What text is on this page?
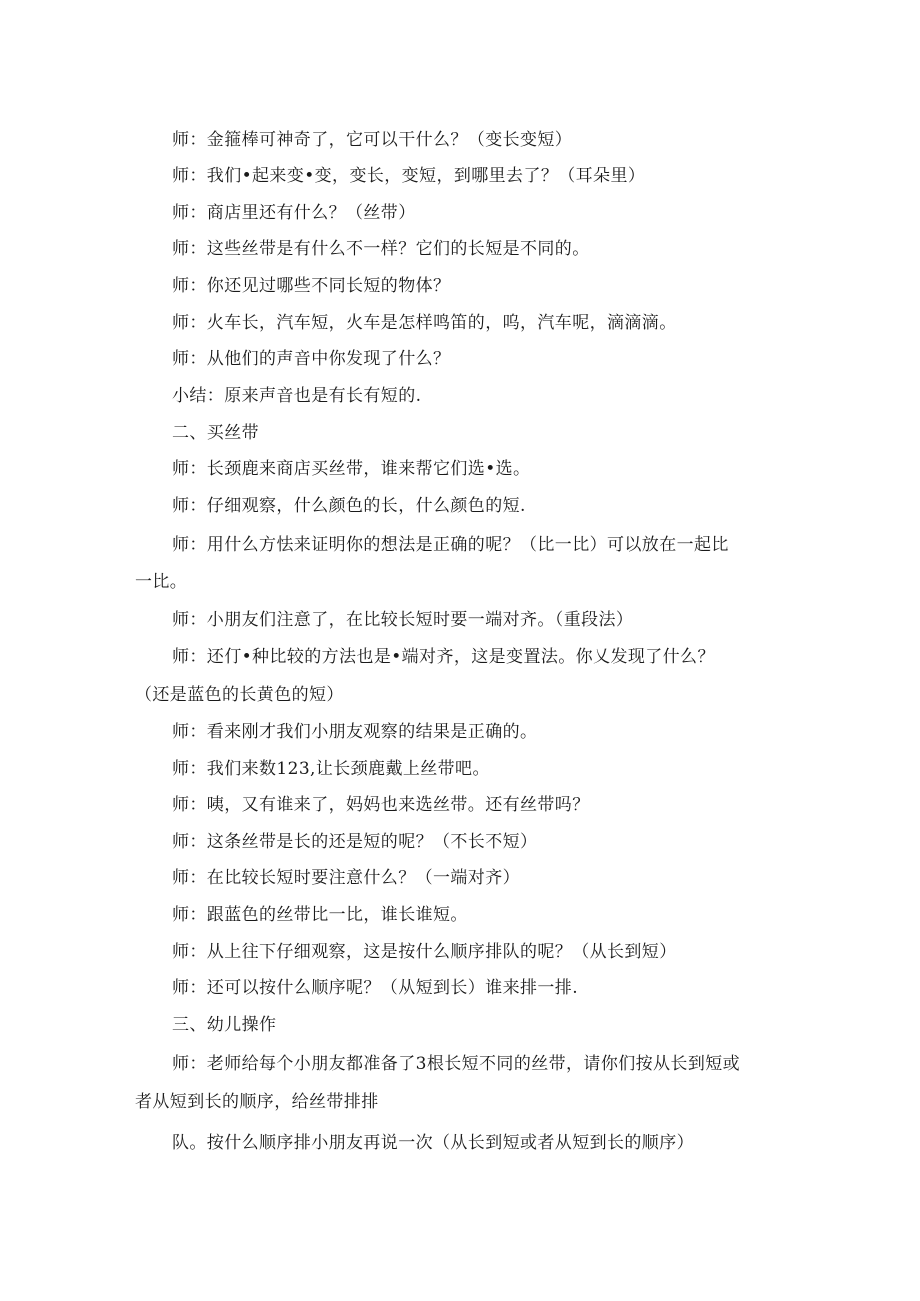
师：金箍棒可神奇了，它可以干什么？（变长变短）
师：我们•起来变•变，变长，变短，到哪里去了？（耳朵里）
师：商店里还有什么？（丝带）
师：这些丝带是有什么不一样？它们的长短是不同的。
师：你还见过哪些不同长短的物体？
师：火车长，汽车短，火车是怎样鸣笛的，呜，汽车呢，滴滴滴。
师：从他们的声音中你发现了什么？
小结：原来声音也是有长有短的.
二、买丝带
师：长颈鹿来商店买丝带，谁来帮它们选•选。
师：仔细观察，什么颜色的长，什么颜色的短.
师：用什么方怯来证明你的想法是正确的呢？（比一比）可以放在一起比
一比。
师：小朋友们注意了，在比较长短时要一端对齐。（重段法）
师：还仃•种比较的方法也是•端对齐，这是变置法。你乂发现了什么？
（还是蓝色的长黄色的短）
师：看来刚才我们小朋友观察的结果是正确的。
师：我们来数123,让长颈鹿戴上丝带吧。
师：咦，又有谁来了，妈妈也来选丝带。还有丝带吗？
师：这条丝带是长的还是短的呢？（不长不短）
师：在比较长短时要注意什么？（一端对齐）
师：跟蓝色的丝带比一比，谁长谁短。
师：从上往下仔细观察，这是按什么顺序排队的呢？（从长到短）
师：还可以按什么顺序呢？（从短到长）谁来排一排.
三、幼儿操作
师：老师给每个小朋友都准备了3根长短不同的丝带，请你们按从长到短或
者从短到长的顺序，给丝带排排
队。按什么顺序排小朋友再说一次（从长到短或者从短到长的顺序）
